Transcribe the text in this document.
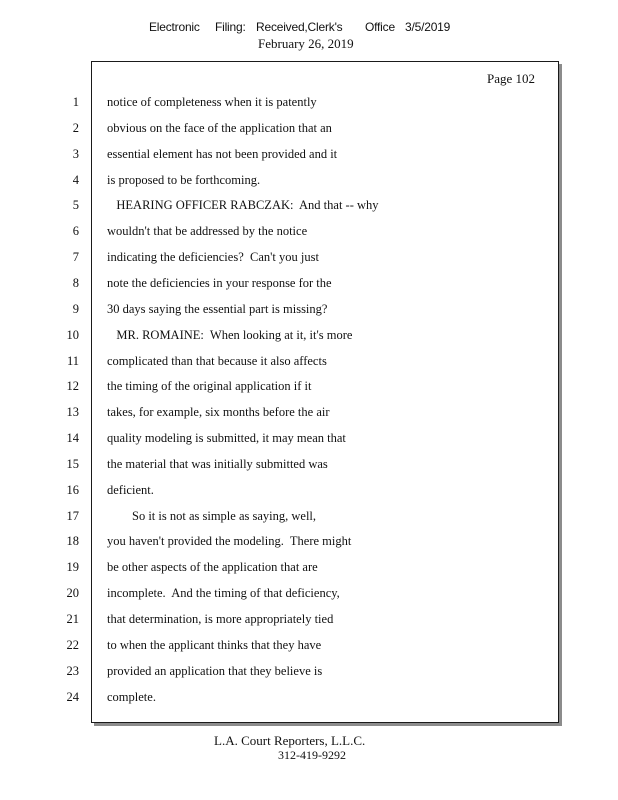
Electronic Filing: Received,Clerk's Office 3/5/2019
February 26, 2019
Page 102
1 notice of completeness when it is patently
2 obvious on the face of the application that an
3 essential element has not been provided and it
4 is proposed to be forthcoming.
5 HEARING OFFICER RABCZAK:  And that -- why
6 wouldn't that be addressed by the notice
7 indicating the deficiencies?  Can't you just
8 note the deficiencies in your response for the
9 30 days saying the essential part is missing?
10 MR. ROMAINE:  When looking at it, it's more
11 complicated than that because it also affects
12 the timing of the original application if it
13 takes, for example, six months before the air
14 quality modeling is submitted, it may mean that
15 the material that was initially submitted was
16 deficient.
17 So it is not as simple as saying, well,
18 you haven't provided the modeling.  There might
19 be other aspects of the application that are
20 incomplete.  And the timing of that deficiency,
21 that determination, is more appropriately tied
22 to when the applicant thinks that they have
23 provided an application that they believe is
24 complete.
L.A. Court Reporters, L.L.C.
312-419-9292
